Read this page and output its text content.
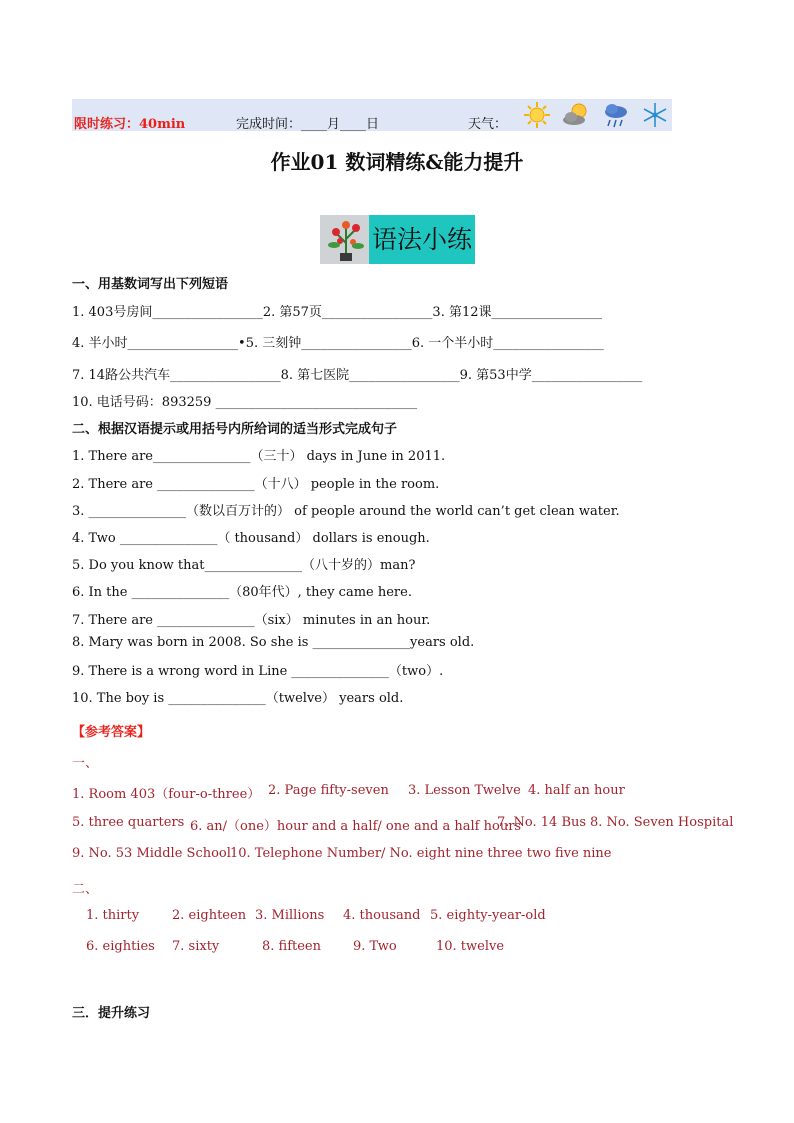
限时练习：40min	完成时间：____月____日	天气：
作业01 数词精练&能力提升
语法小练
一、用基数词写出下列短语
1. 403号房间_________________2. 第57页_________________3. 第12课_________________
4. 半小时_________________•5. 三刻钟_________________6. 一个半小时_________________
7. 14路公共汽车_________________8. 第七医院_________________9. 第53中学_________________
10. 电话号码：893259 _______________________________
二、根据汉语提示或用括号内所给词的适当形式完成句子
1. There are_______________（三十） days in June in 2011.
2. There are _______________（十八） people in the room.
3. _______________（数以百万计的） of people around the world can’t get clean water.
4. Two _______________（ thousand） dollars is enough.
5. Do you know that_______________（八十岁的）man?
6. In the _______________（80年代）, they came here.
7. There are _______________（six） minutes in an hour.
8. Mary was born in 2008. So she is _______________years old.
9. There is a wrong word in Line _______________（two）.
10. The boy is _______________（twelve） years old.
【参考答案】
一、
1. Room 403（four-o-three） 2. Page fifty-seven 3. Lesson Twelve 4. half an hour
5. three quarters 6. an/（one）hour and a half/ one and a half hours
7. No. 14 Bus 8. No. Seven Hospital
9. No. 53 Middle School 10. Telephone Number/ No. eight nine three two five nine
二、
1. thirty	2. eighteen 3. Millions 4. thousand 5. eighty-year-old
6. eighties 7. sixty	8. fifteen 9. Two	10. twelve
三．提升练习
